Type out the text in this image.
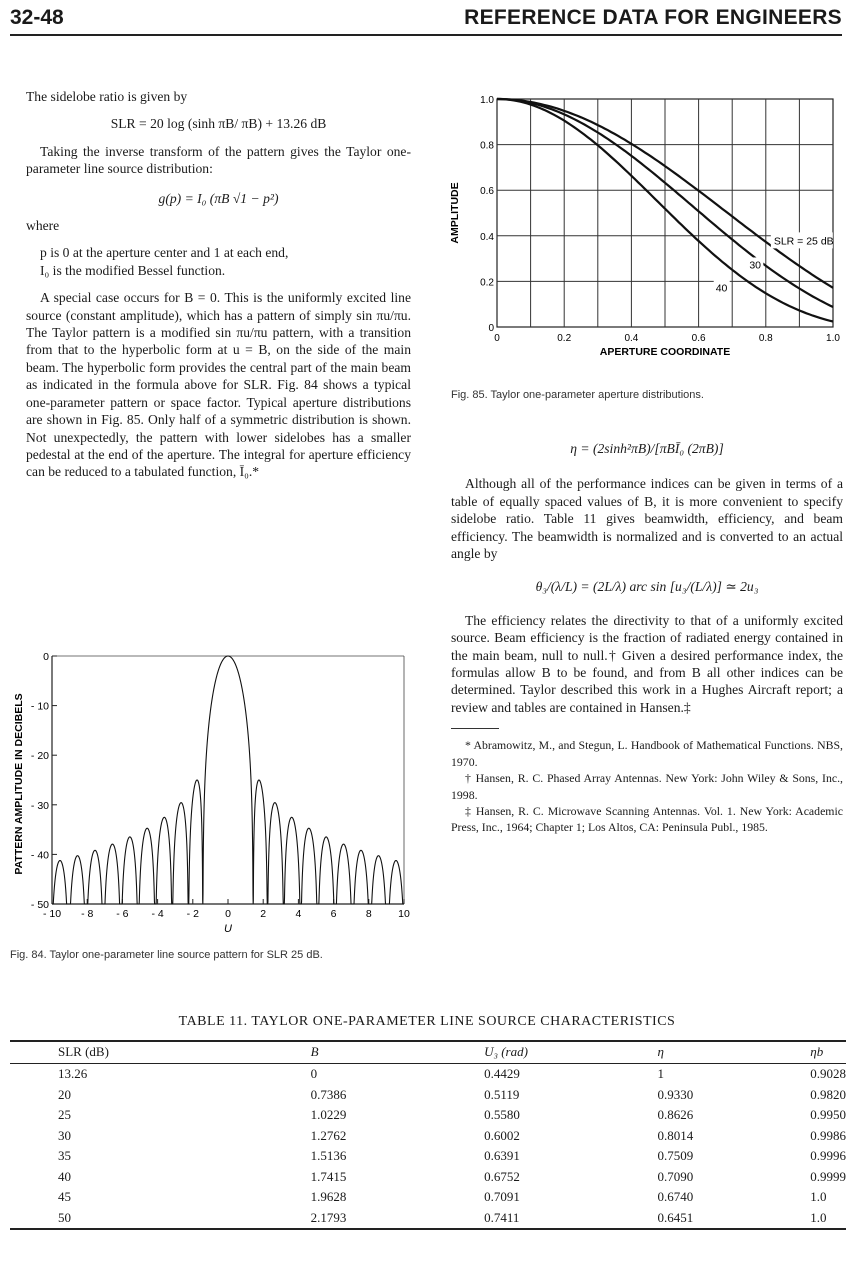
32-48	REFERENCE DATA FOR ENGINEERS

The sidelobe ratio is given by

SLR = 20 log (sinh πB/ πB) + 13.26 dB

Taking the inverse transform of the pattern gives the Taylor one-parameter line source distribution:

g(p) = I₀ (πB √1 − p²)

where

p is 0 at the aperture center and 1 at each end,

I₀ is the modified Bessel function.

A special case occurs for B = 0. This is the uniformly excited line source (constant amplitude), which has a pattern of simply sin πu/πu. The Taylor pattern is a modified sin πu/πu pattern, with a transition from that to the hyperbolic form at u = B, on the side of the main beam. The hyperbolic form provides the central part of the main beam as indicated in the formula above for SLR. Fig. 84 shows a typical one-parameter pattern or space factor. Typical aperture distributions are shown in Fig. 85. Only half of a symmetric distribution is shown. Not unexpectedly, the pattern with lower sidelobes has a smaller pedestal at the end of the aperture. The integral for aperture efficiency can be reduced to a tabulated function, Ī₀.*

1.0
0.8
0.6
0.4
0.2
0
0	0.2	0.4	0.6	0.8	1.0
APERTURE COORDINATE
AMPLITUDE	SLR = 25 dB
30
40
Fig. 85. Taylor one-parameter aperture distributions.
0
- 10
- 20
- 30
- 40
- 50
- 10 - 8 - 6 - 4 - 2 0	2	4	6	8	10
U
PATTERN AMPLITUDE IN DECIBELS
Fig. 84. Taylor one-parameter line source pattern for SLR 25 dB.

η = (2sinh²πB)/[πBĪ₀ (2πB)]

Although all of the performance indices can be given in terms of a table of equally spaced values of B, it is more convenient to specify sidelobe ratio. Table 11 gives beamwidth, efficiency, and beam efficiency. The beamwidth is normalized and is converted to an actual angle by

θ₃/(λ/L) = (2L/λ) arc sin [u₃/(L/λ)] ≃ 2u₃

The efficiency relates the directivity to that of a uniformly excited source. Beam efficiency is the fraction of radiated energy contained in the main beam, null to null.† Given a desired performance index, the formulas allow B to be found, and from B all other indices can be determined. Taylor described this work in a Hughes Aircraft report; a review and tables are contained in Hansen.‡

* Abramowitz, M., and Stegun, L. Handbook of Mathematical Functions. NBS, 1970.

† Hansen, R. C. Phased Array Antennas. New York: John Wiley & Sons, Inc., 1998.

‡ Hansen, R. C. Microwave Scanning Antennas. Vol. 1. New York: Academic Press, Inc., 1964; Chapter 1; Los Altos, CA: Peninsula Publ., 1985.

TABLE 11. TAYLOR ONE-PARAMETER LINE SOURCE CHARACTERISTICS
SLR (dB)	B	U₃ (rad)	η	ηb
13.26	0	0.4429	1	0.9028
20	0.7386	0.5119	0.9330	0.9820
25	1.0229	0.5580	0.8626	0.9950
30	1.2762	0.6002	0.8014	0.9986
35	1.5136	0.6391	0.7509	0.9996
40	1.7415	0.6752	0.7090	0.9999
45	1.9628	0.7091	0.6740	1.0
50	2.1793	0.7411	0.6451	1.0
